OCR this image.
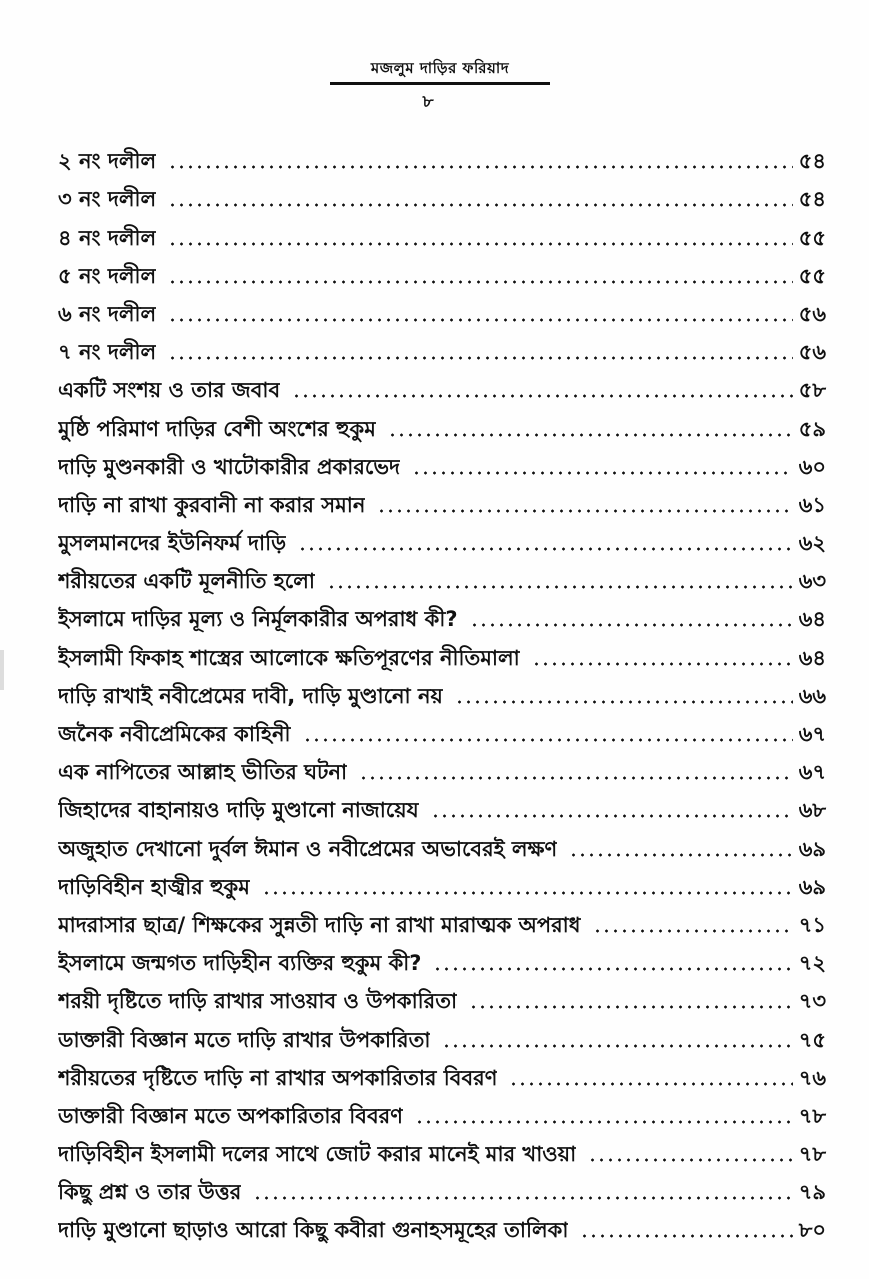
মজলুম দাড়ির ফরিয়াদ
৮
২ নং দলীল	৫৪
৩ নং দলীল	৫৪
৪ নং দলীল	৫৫
৫ নং দলীল	৫৫
৬ নং দলীল	৫৬
৭ নং দলীল	৫৬
একটি সংশয় ও তার জবাব	৫৮
মুষ্ঠি পরিমাণ দাড়ির বেশী অংশের হুকুম	৫৯
দাড়ি মুণ্ডনকারী ও খাটোকারীর প্রকারভেদ	৬০
দাড়ি না রাখা কুরবানী না করার সমান	৬১
মুসলমানদের ইউনিফর্ম দাড়ি	৬২
শরীয়তের একটি মূলনীতি হলো	৬৩
ইসলামে দাড়ির মূল্য ও নির্মূলকারীর অপরাধ কী?	৬৪
ইসলামী ফিকাহ শাস্ত্রের আলোকে ক্ষতিপূরণের নীতিমালা	৬৪
দাড়ি রাখাই নবীপ্রেমের দাবী, দাড়ি মুণ্ডানো নয়	৬৬
জনৈক নবীপ্রেমিকের কাহিনী	৬৭
এক নাপিতের আল্লাহ ভীতির ঘটনা	৬৭
জিহাদের বাহানায়ও দাড়ি মুণ্ডানো নাজায়েয	৬৮
অজুহাত দেখানো দুর্বল ঈমান ও নবীপ্রেমের অভাবেরই লক্ষণ	৬৯
দাড়িবিহীন হাজ্বীর হুকুম	৬৯
মাদরাসার ছাত্র/ শিক্ষকের সুন্নতী দাড়ি না রাখা মারাত্মক অপরাধ	৭১
ইসলামে জন্মগত দাড়িহীন ব্যক্তির হুকুম কী?	৭২
শরয়ী দৃষ্টিতে দাড়ি রাখার সাওয়াব ও উপকারিতা	৭৩
ডাক্তারী বিজ্ঞান মতে দাড়ি রাখার উপকারিতা	৭৫
শরীয়তের দৃষ্টিতে দাড়ি না রাখার অপকারিতার বিবরণ	৭৬
ডাক্তারী বিজ্ঞান মতে অপকারিতার বিবরণ	৭৮
দাড়িবিহীন ইসলামী দলের সাথে জোট করার মানেই মার খাওয়া	৭৮
কিছু প্রশ্ন ও তার উত্তর	৭৯
দাড়ি মুণ্ডানো ছাড়াও আরো কিছু কবীরা গুনাহসমূহের তালিকা	৮০
